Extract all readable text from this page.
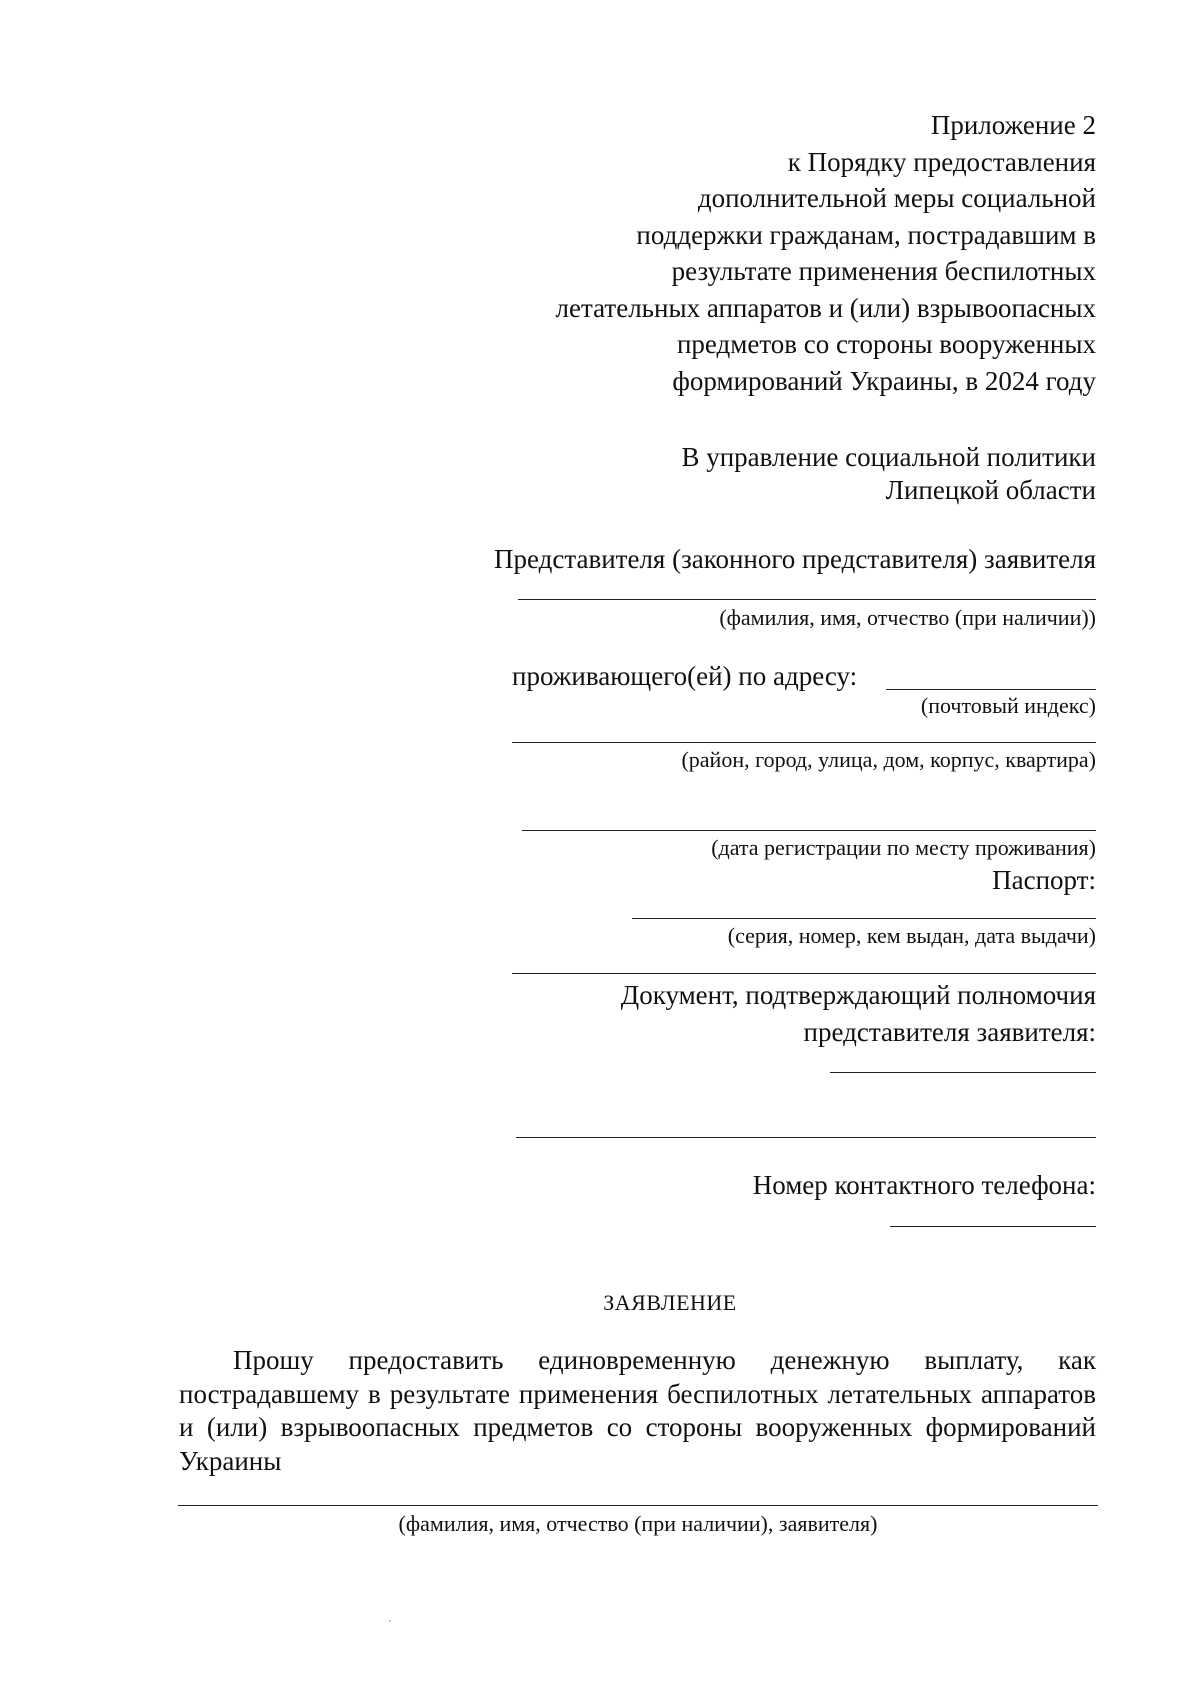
Приложение 2
к Порядку предоставления
дополнительной меры социальной
поддержки гражданам, пострадавшим в
результате применения беспилотных
летательных аппаратов и (или) взрывоопасных
предметов со стороны вооруженных
формирований Украины, в 2024 году
В управление социальной политики
Липецкой области
Представителя (законного представителя) заявителя
(фамилия, имя, отчество (при наличии))
проживающего(ей) по адресу:
(почтовый индекс)
(район, город, улица, дом, корпус, квартира)
(дата регистрации по месту проживания)
Паспорт:
(серия, номер, кем выдан, дата выдачи)
Документ, подтверждающий полномочия
представителя заявителя:
Номер контактного телефона:
ЗАЯВЛЕНИЕ
Прошу предоставить единовременную денежную выплату, как пострадавшему в результате применения беспилотных летательных аппаратов и (или) взрывоопасных предметов со стороны вооруженных формирований Украины
(фамилия, имя, отчество (при наличии), заявителя)
